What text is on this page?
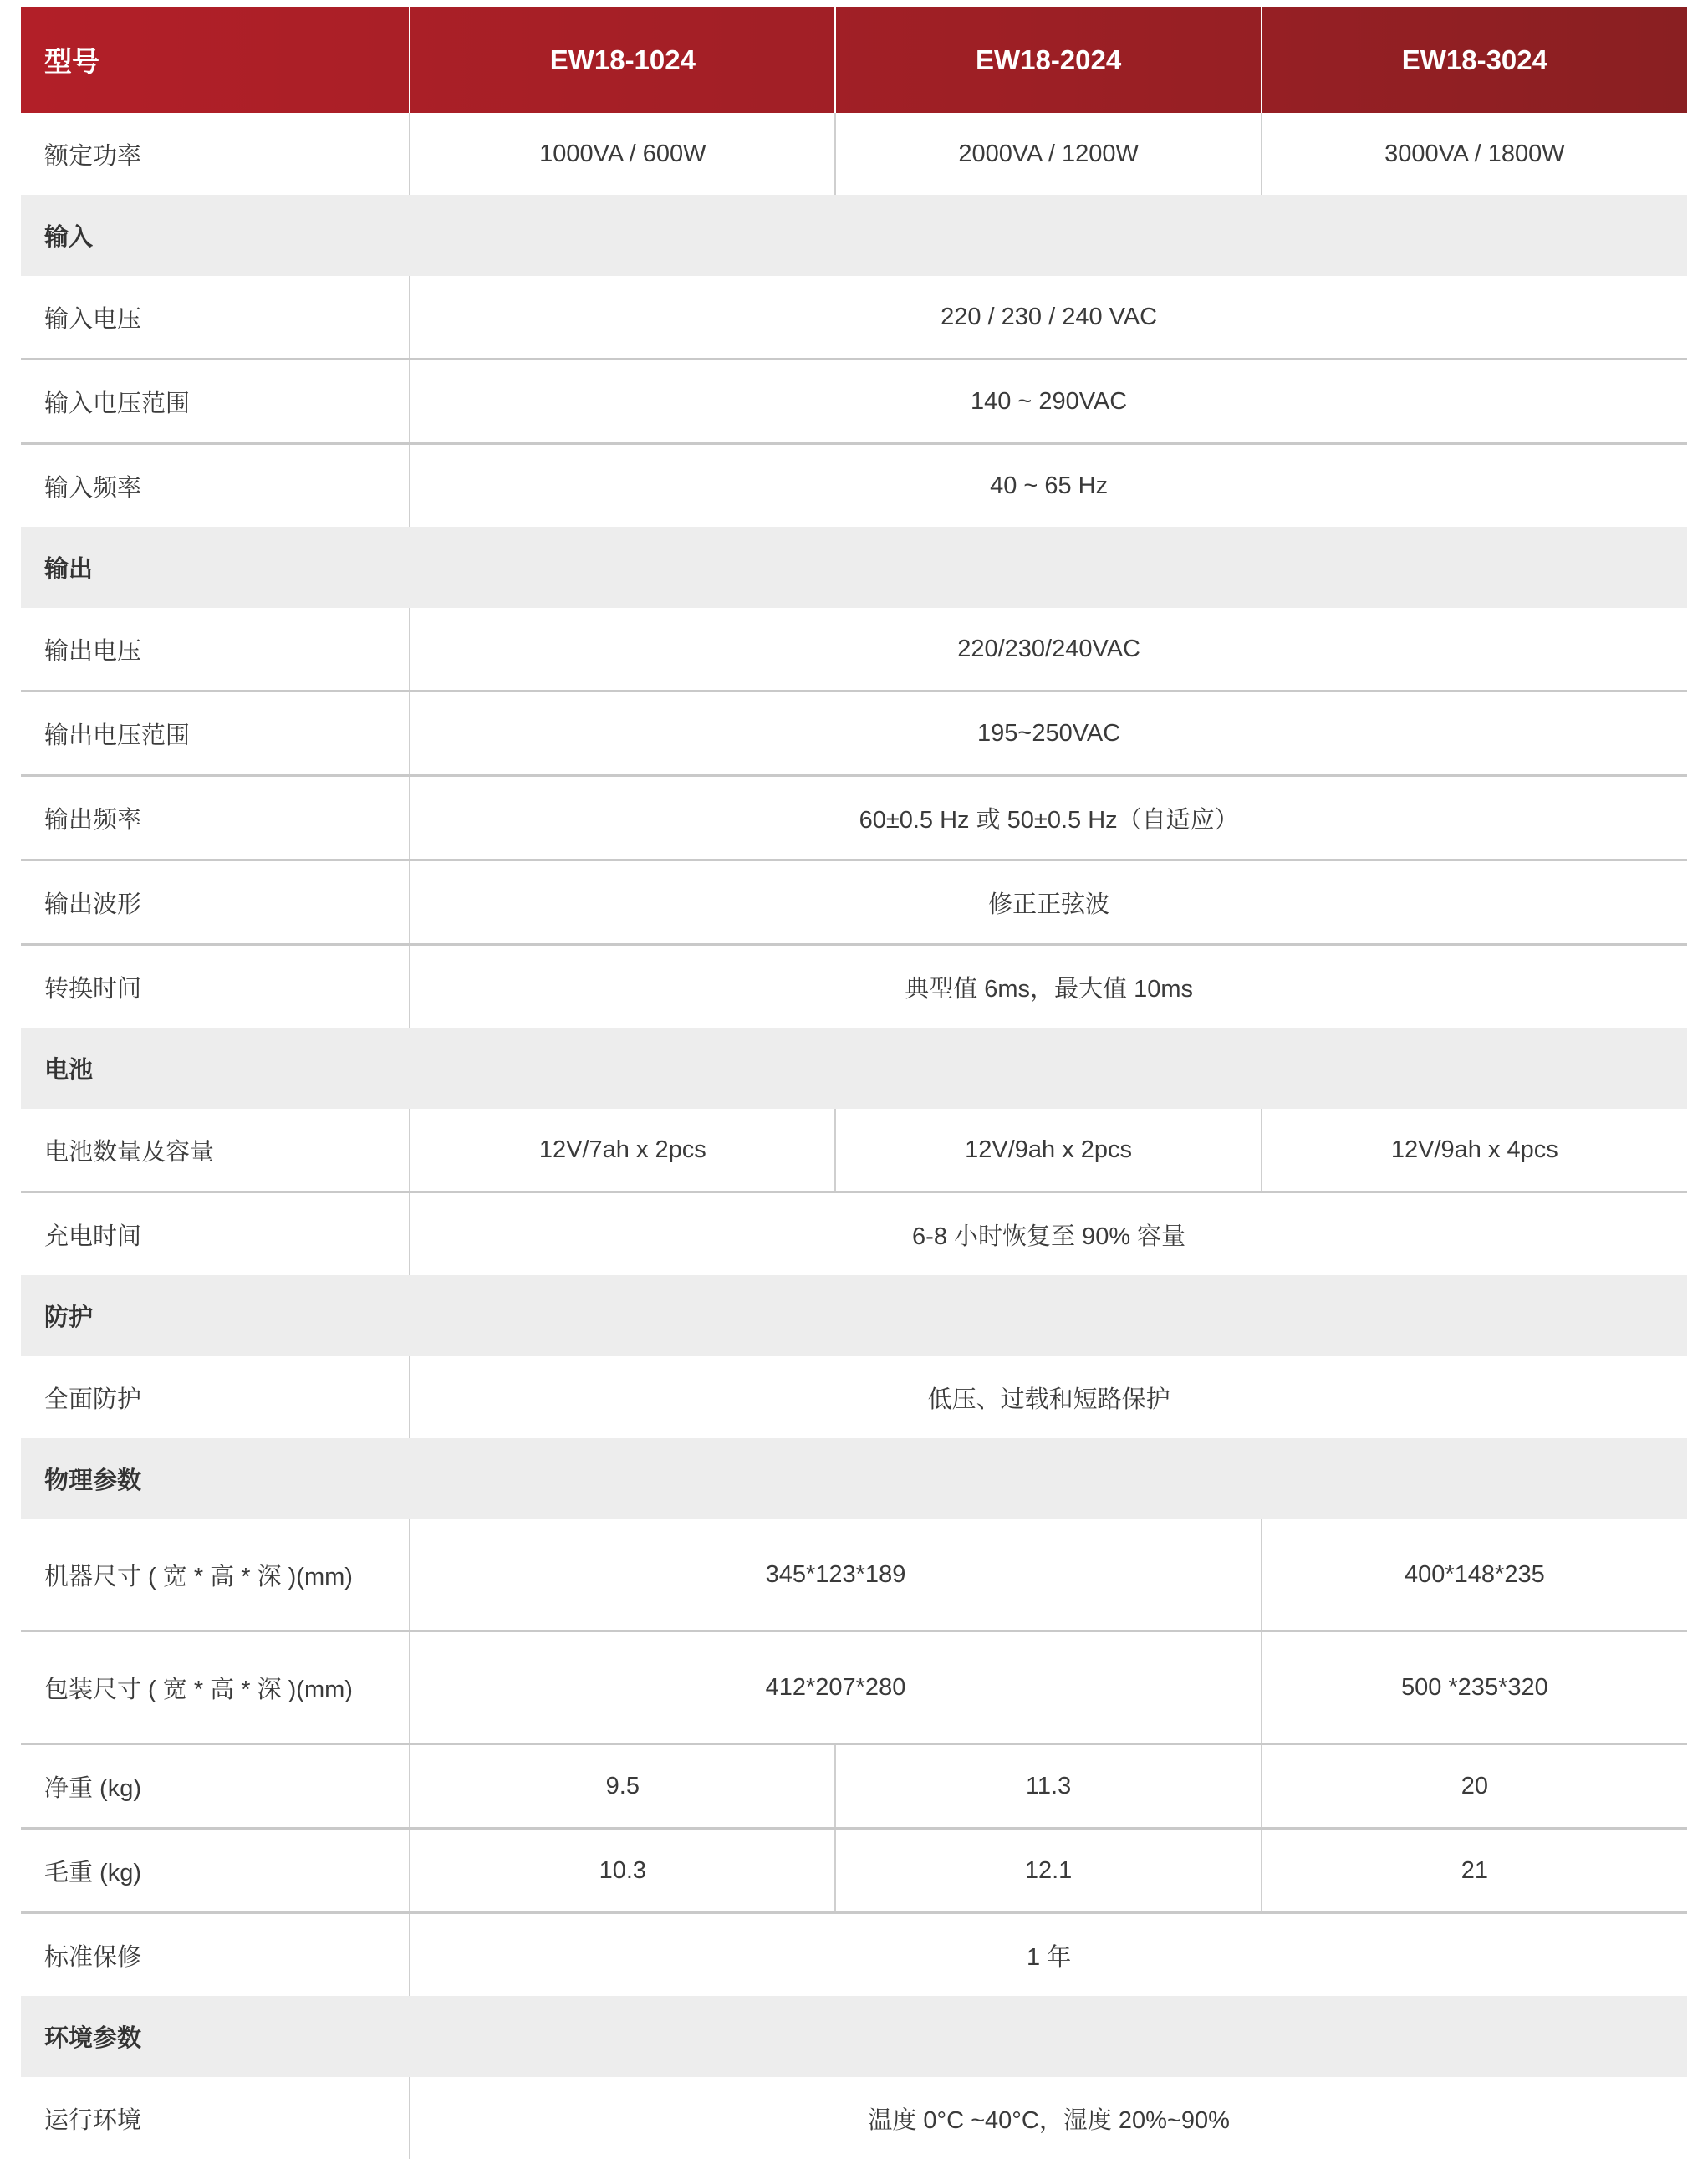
型号	EW18-1024	EW18-2024	EW18-3024
额定功率	1000VA / 600W	2000VA / 1200W	3000VA / 1800W
输入			
输入电压	220 / 230 / 240 VAC		
输入电压范围	140 ~ 290VAC		
输入频率	40 ~ 65 Hz		
输出			
输出电压	220/230/240VAC		
输出电压范围	195~250VAC		
输出频率	60±0.5 Hz 或 50±0.5 Hz（自适应）		
输出波形	修正正弦波		
转换时间	典型值 6ms，最大值 10ms		
电池			
电池数量及容量	12V/7ah x 2pcs	12V/9ah x 2pcs	12V/9ah x 4pcs
充电时间	6-8 小时恢复至 90% 容量		
防护			
全面防护	低压、过载和短路保护		
物理参数			
机器尺寸 ( 宽 * 高 * 深 )(mm)	345*123*189		400*148*235
包装尺寸 ( 宽 * 高 * 深 )(mm)	412*207*280		500 *235*320
净重 (kg)	9.5	11.3	20
毛重 (kg)	10.3	12.1	21
标准保修	1 年		
环境参数			
运行环境	温度 0°C ~40°C，湿度 20%~90%		
